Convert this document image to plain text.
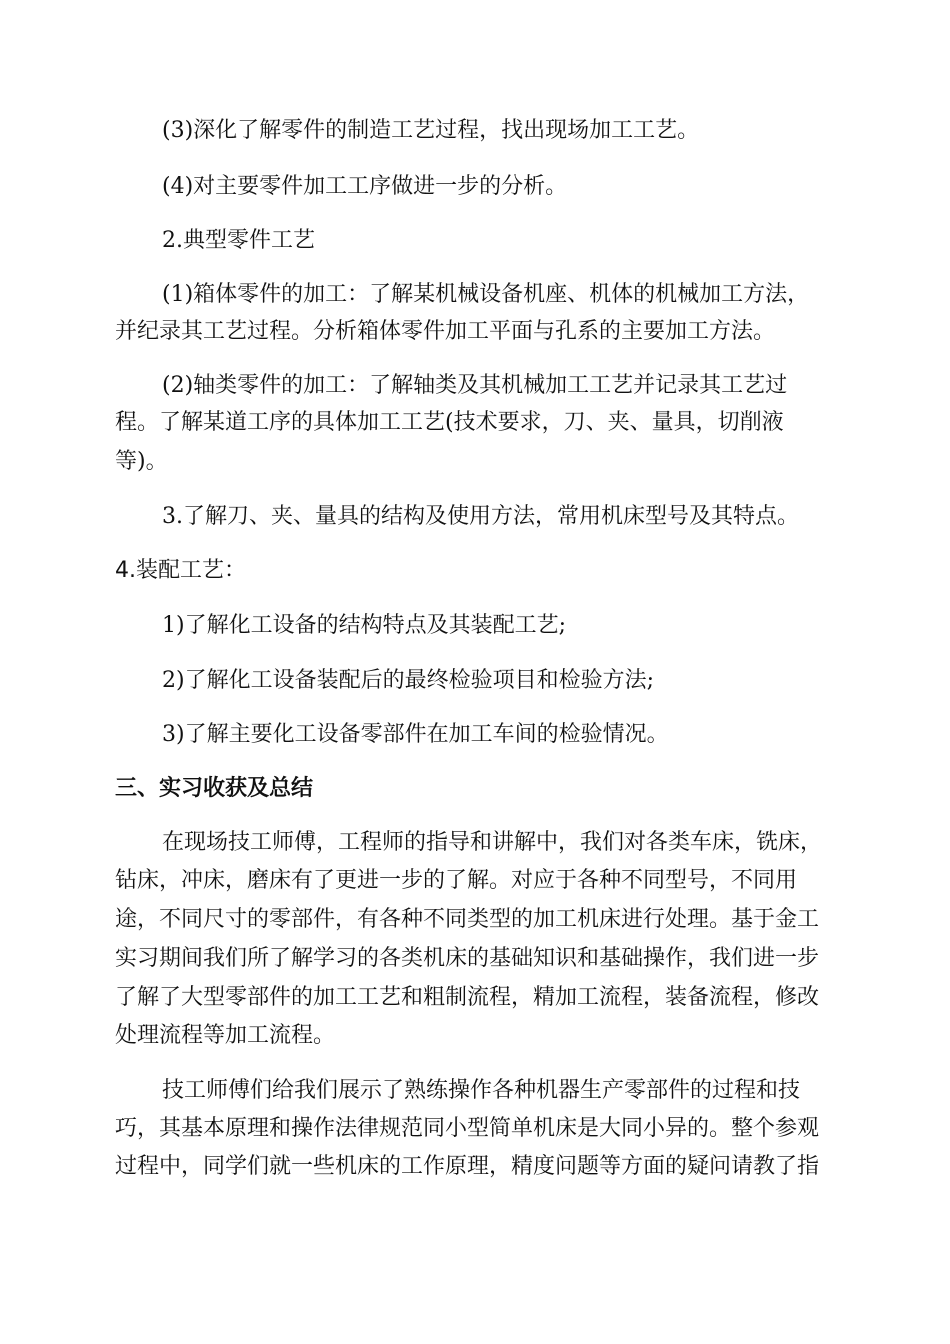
(3)深化了解零件的制造工艺过程，找出现场加工工艺。
(4)对主要零件加工工序做进一步的分析。
2.典型零件工艺
(1)箱体零件的加工：了解某机械设备机座、机体的机械加工方法，
并纪录其工艺过程。分析箱体零件加工平面与孔系的主要加工方法。
(2)轴类零件的加工：了解轴类及其机械加工工艺并记录其工艺过
程。了解某道工序的具体加工工艺(技术要求，刀、夹、量具，切削液
等)。
3.了解刀、夹、量具的结构及使用方法，常用机床型号及其特点。
4.装配工艺：
1)了解化工设备的结构特点及其装配工艺;
2)了解化工设备装配后的最终检验项目和检验方法;
3)了解主要化工设备零部件在加工车间的检验情况。
三、实习收获及总结
在现场技工师傅，工程师的指导和讲解中，我们对各类车床，铣床，
钻床，冲床，磨床有了更进一步的了解。对应于各种不同型号，不同用
途，不同尺寸的零部件，有各种不同类型的加工机床进行处理。基于金工
实习期间我们所了解学习的各类机床的基础知识和基础操作，我们进一步
了解了大型零部件的加工工艺和粗制流程，精加工流程，装备流程，修改
处理流程等加工流程。
技工师傅们给我们展示了熟练操作各种机器生产零部件的过程和技
巧，其基本原理和操作法律规范同小型简单机床是大同小异的。整个参观
过程中，同学们就一些机床的工作原理，精度问题等方面的疑问请教了指
